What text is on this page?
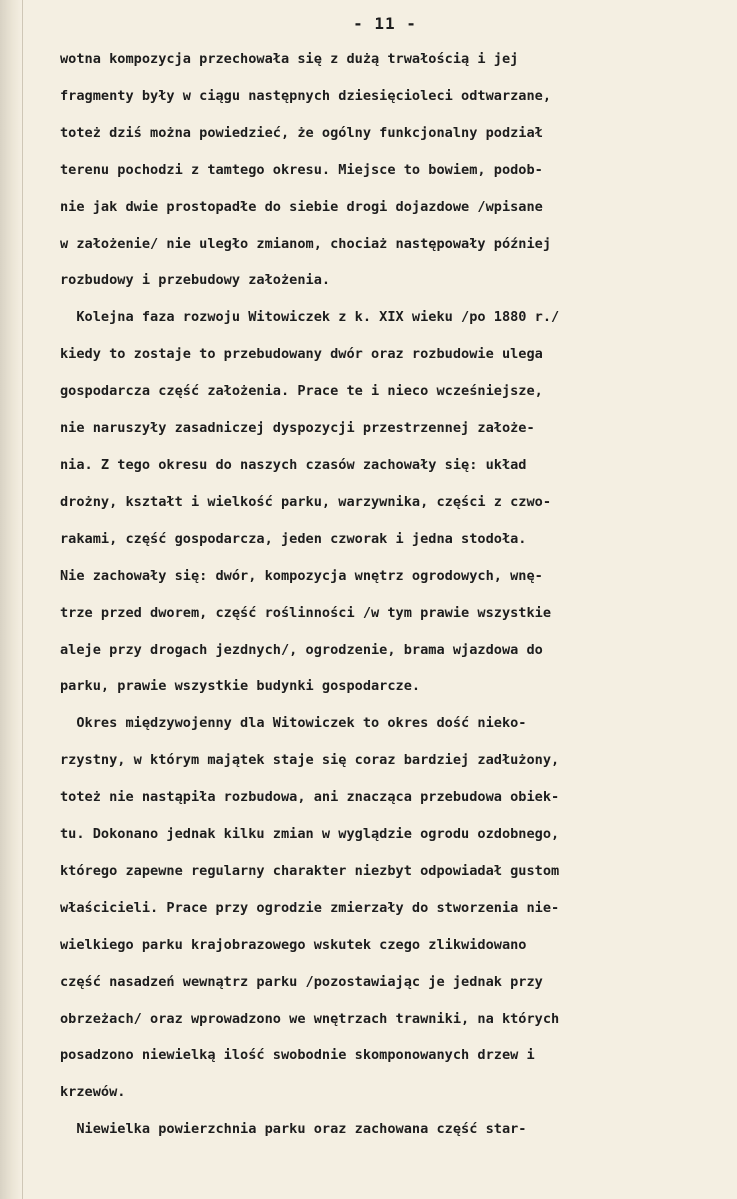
- 11 -
wotna kompozycja przechowała się z dużą trwałością i jej
fragmenty były w ciągu następnych dziesięcioleci odtwarzane,
toteż dziś można powiedzieć, że ogólny funkcjonalny podział
terenu pochodzi z tamtego okresu. Miejsce to bowiem, podob-
nie jak dwie prostopadłe do siebie drogi dojazdowe /wpisane
w założenie/ nie uległo zmianom, chociaż następowały później
rozbudowy i przebudowy założenia.
Kolejna faza rozwoju Witowiczek z k. XIX wieku /po 1880 r./
kiedy to zostaje to przebudowany dwór oraz rozbudowie ulega
gospodarcza część założenia. Prace te i nieco wcześniejsze,
nie naruszyły zasadniczej dyspozycji przestrzennej założe-
nia. Z tego okresu do naszych czasów zachowały się: układ
drożny, kształt i wielkość parku, warzywnika, części z czwo-
rakami, część gospodarcza, jeden czworak i jedna stodoła.
Nie zachowały się: dwór, kompozycja wnętrz ogrodowych, wnę-
trze przed dworem, część roślinności /w tym prawie wszystkie
aleje przy drogach jezdnych/, ogrodzenie, brama wjazdowa do
parku, prawie wszystkie budynki gospodarcze.
Okres międzywojenny dla Witowiczek to okres dość nieko-
rzystny, w którym majątek staje się coraz bardziej zadłużony,
toteż nie nastąpiła rozbudowa, ani znacząca przebudowa obiek-
tu. Dokonano jednak kilku zmian w wyglądzie ogrodu ozdobnego,
którego zapewne regularny charakter niezbyt odpowiadał gustom
właścicieli. Prace przy ogrodzie zmierzały do stworzenia nie-
wielkiego parku krajobrazowego wskutek czego zlikwidowano
część nasadzeń wewnątrz parku /pozostawiając je jednak przy
obrzeżach/ oraz wprowadzono we wnętrzach trawniki, na których
posadzono niewielką ilość swobodnie skomponowanych drzew i
krzewów.
Niewielka powierzchnia parku oraz zachowana część star-
